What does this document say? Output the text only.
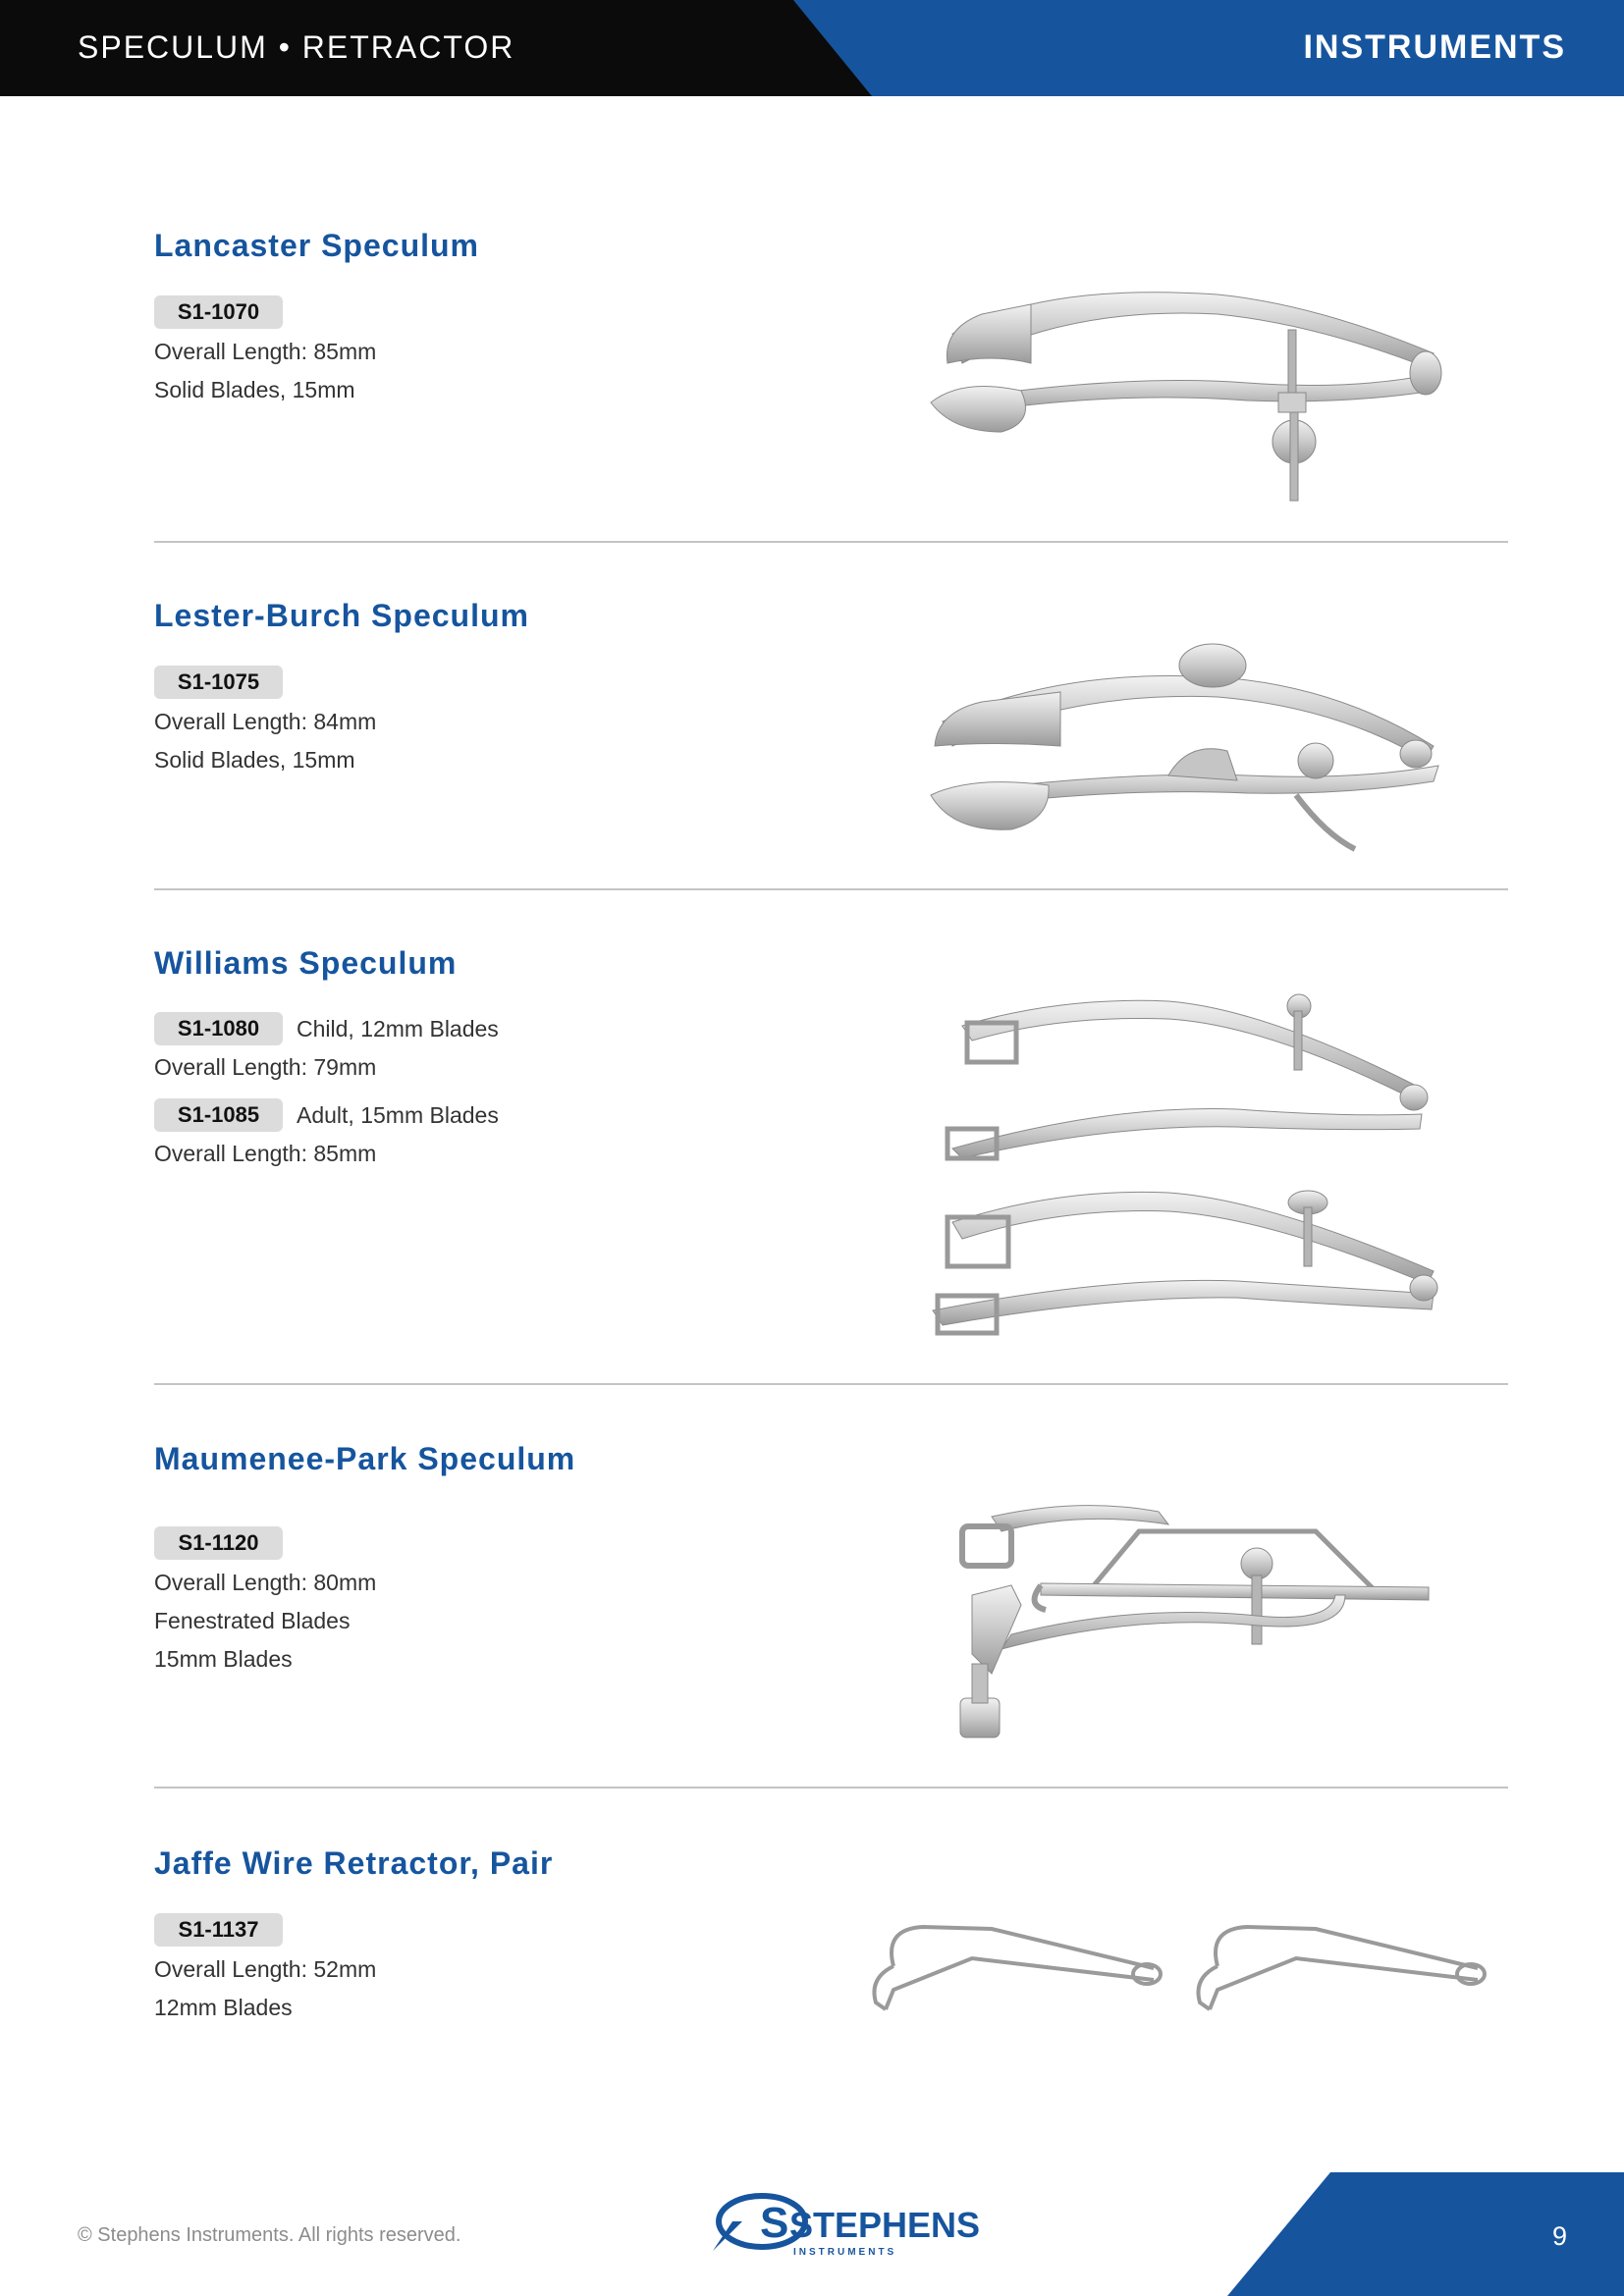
SPECULUM • RETRACTOR	INSTRUMENTS
Lancaster Speculum
S1-1070
Overall Length: 85mm
Solid Blades, 15mm
Lester-Burch Speculum
S1-1075
Overall Length: 84mm
Solid Blades, 15mm
Williams Speculum
S1-1080	Child, 12mm Blades
Overall Length: 79mm
S1-1085	Adult, 15mm Blades
Overall Length: 85mm
Maumenee-Park Speculum
S1-1120
Overall Length: 80mm
Fenestrated Blades
15mm Blades
Jaffe Wire Retractor, Pair
S1-1137
Overall Length: 52mm
12mm Blades
© Stephens Instruments. All rights reserved.	S STEPHENS
INSTRUMENTS
9
